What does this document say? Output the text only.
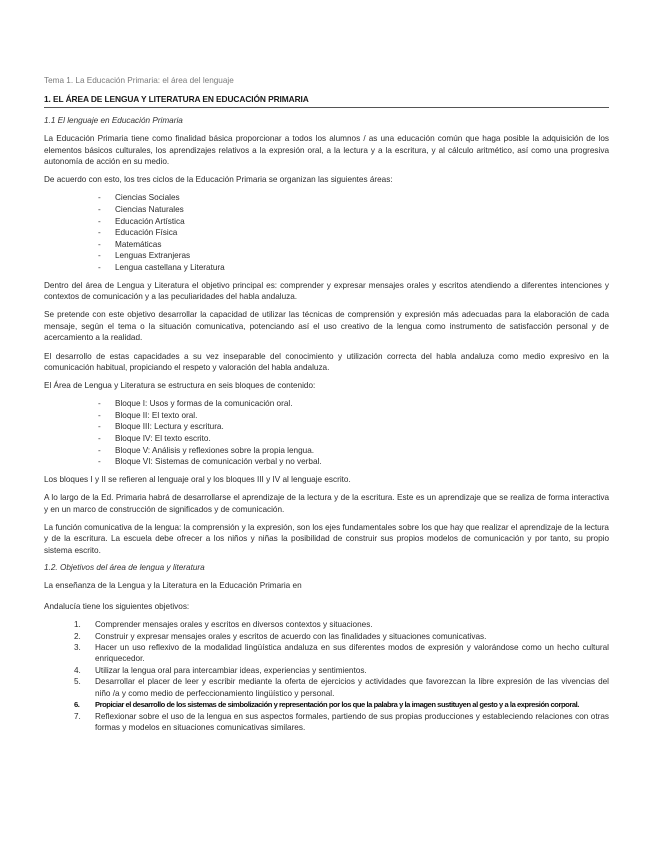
Tema 1. La Educación Primaria: el área del lenguaje
1. EL ÁREA DE LENGUA Y LITERATURA EN EDUCACIÓN PRIMARIA
1.1 El lenguaje en Educación Primaria

La Educación Primaria tiene como finalidad básica proporcionar a todos los alumnos / as una educación común que haga posible la adquisición de los elementos básicos culturales, los aprendizajes relativos a la expresión oral, a la lectura y a la escritura, y al cálculo aritmético, así como una progresiva autonomía de acción en su medio.

De acuerdo con esto, los tres ciclos de la Educación Primaria se organizan las siguientes áreas:

- Ciencias Sociales
- Ciencias Naturales
- Educación Artística
- Educación Física
- Matemáticas
- Lenguas Extranjeras
- Lengua castellana y Literatura

Dentro del área de Lengua y Literatura el objetivo principal es: comprender y expresar mensajes orales y escritos atendiendo a diferentes intenciones y contextos de comunicación y a las peculiaridades del habla andaluza.

Se pretende con este objetivo desarrollar la capacidad de utilizar las técnicas de comprensión y expresión más adecuadas para la elaboración de cada mensaje, según el tema o la situación comunicativa, potenciando así el uso creativo de la lengua como instrumento de satisfacción personal y de acercamiento a la realidad.

El desarrollo de estas capacidades a su vez inseparable del conocimiento y utilización correcta del habla andaluza como medio expresivo en la comunicación habitual, propiciando el respeto y valoración del habla andaluza.

El Área de Lengua y Literatura se estructura en seis bloques de contenido:

- Bloque I: Usos y formas de la comunicación oral.
- Bloque II: El texto oral.
- Bloque III: Lectura y escritura.
- Bloque IV: El texto escrito.
- Bloque V: Análisis y reflexiones sobre la propia lengua.
- Bloque VI: Sistemas de comunicación verbal y no verbal.

Los bloques I y II se refieren al lenguaje oral y los bloques III y IV al lenguaje escrito.

A lo largo de la Ed. Primaria habrá de desarrollarse el aprendizaje de la lectura y de la escritura. Este es un aprendizaje que se realiza de forma interactiva y en un marco de construcción de significados y de comunicación.

La función comunicativa de la lengua: la comprensión y la expresión, son los ejes fundamentales sobre los que hay que realizar el aprendizaje de la lectura y de la escritura. La escuela debe ofrecer a los niños y niñas la posibilidad de construir sus propios modelos de comunicación y por tanto, su propio sistema escrito.

1.2. Objetivos del área de lengua y literatura

La enseñanza de la Lengua y la Literatura en la Educación Primaria en

Andalucía tiene los siguientes objetivos:

1. Comprender mensajes orales y escritos en diversos contextos y situaciones.
2. Construir y expresar mensajes orales y escritos de acuerdo con las finalidades y situaciones comunicativas.
3. Hacer un uso reflexivo de la modalidad lingüística andaluza en sus diferentes modos de expresión y valorándose como un hecho cultural enriquecedor.
4. Utilizar la lengua oral para intercambiar ideas, experiencias y sentimientos.
5. Desarrollar el placer de leer y escribir mediante la oferta de ejercicios y actividades que favorezcan la libre expresión de las vivencias del niño /a y como medio de perfeccionamiento lingüístico y personal.
6. Propiciar el desarrollo de los sistemas de simbolización y representación por los que la palabra y la imagen sustituyen al gesto y a la expresión corporal.
7. Reflexionar sobre el uso de la lengua en sus aspectos formales, partiendo de sus propias producciones y estableciendo relaciones con otras formas y modelos en situaciones comunicativas similares.
